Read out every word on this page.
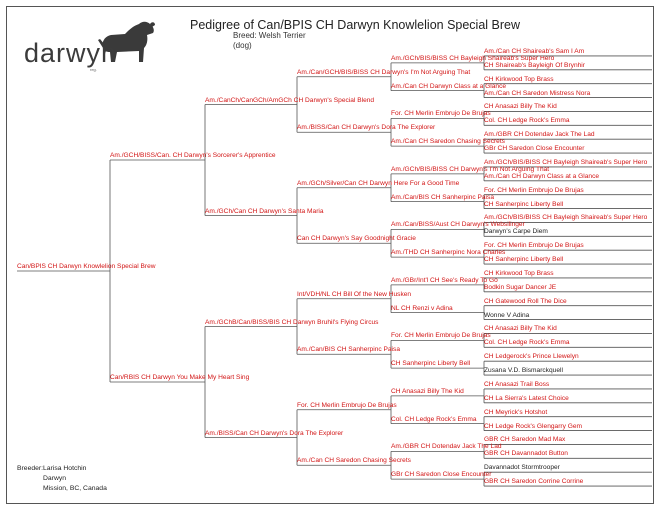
Pedigree of Can/BPIS CH Darwyn Knowlelion Special Brew
Breed: Welsh Terrier
(dog)
darwyn
reg.
Can/BPIS CH Darwyn Knowlelion Special Brew
Am./GCH/BISS/Can. CH Darwyn's Sorcerer's Apprentice
Am./CanCh/CanGCh/AmGCh CH Darwyn's Special Blend
Am./Can/GCH/BIS/BISS CH Darwyn's I'm Not Arguing That
Am./GCh/BIS/BISS CH Bayleigh Shaireab's Super Hero
Am./Can CH Shaireab's Sam I Am
CH Shaireab's Bayleigh Of Brynhir
Am./Can CH Darwyn Class at a Glance
CH Kirkwood Top Brass
Am./Can CH Saredon Mistress Nora
Am./BISS/Can CH Darwyn's Dora The Explorer
For. CH Merlin Embrujo De Brujas
CH Anasazi Billy The Kid
Col. CH Ledge Rock's Emma
Am./Can CH Saredon Chasing Secrets
Am./GBR CH Dotendav Jack The Lad
GBr CH Saredon Close Encounter
Am./GCh/Can CH Darwyn's Santa Maria
Am./GCh/Silver/Can CH Darwyn Here For a Good Time
Am./GCh/BIS/BISS CH Darwyn's I'm Not Arguing That
Am./GCh/BIS/BISS CH Bayleigh Shaireab's Super Hero
Am./Can CH Darwyn Class at a Glance
Am./Can/BIS CH Sanherpinc Paisa
For. CH Merlin Embrujo De Brujas
CH Sanherpinc Liberty Bell
Can CH Darwyn's Say Goodnight Gracie
Am./Can/BISS/Aust CH Darwyn's Websilinger
Am./GCh/BIS/BISS CH Bayleigh Shaireab's Super Hero
Darwyn's Carpe Diem
Am./THD CH Sanherpinc Nora Charles
For. CH Merlin Embrujo De Brujas
CH Sanherpinc Liberty Bell
Can/RBIS CH Darwyn You Make My Heart Sing
Am./GChB/Can/BISS/BIS CH Darwyn Bruhil's Flying Circus
Int/VDH/NL CH Bill Of the New Husken
Am./GBr/Int'l CH See's Ready To Go
CH Kirkwood Top Brass
Bodkin Sugar Dancer JE
NL CH Renzi v Adina
CH Gatewood Roll The Dice
Wonne V Adina
Am./Can/BIS CH Sanherpinc Paisa
For. CH Merlin Embrujo De Brujas
CH Anasazi Billy The Kid
Col. CH Ledge Rock's Emma
CH Sanherpinc Liberty Bell
CH Ledgerock's Prince Llewelyn
Zusana V.D. Bismarckquell
Am./BISS/Can CH Darwyn's Dora The Explorer
For. CH Merlin Embrujo De Brujas
CH Anasazi Billy The Kid
CH Anasazi Trail Boss
CH La Sierra's Latest Choice
Col. CH Ledge Rock's Emma
CH Meyrick's Hotshot
CH Ledge Rock's Glengarry Gem
Am./Can CH Saredon Chasing Secrets
Am./GBR CH Dotendav Jack The Lad
GBR CH Saredon Mad Max
GBR CH Davannadot Button
GBr CH Saredon Close Encounter
Davannadot Stormtrooper
GBR CH Saredon Corrine Corrine
Breeder: Larisa Hotchin
Darwyn
Mission, BC, Canada
